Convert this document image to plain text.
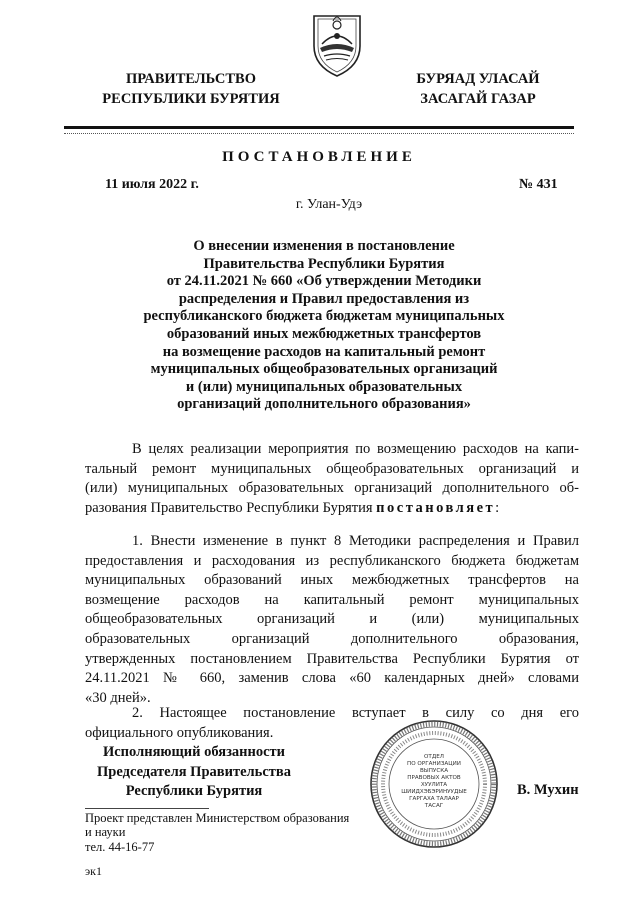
ПРАВИТЕЛЬСТВО
РЕСПУБЛИКИ БУРЯТИЯ
БУРЯАД УЛАСАЙ
ЗАСАГАЙ ГАЗАР
ПОСТАНОВЛЕНИЕ
11 июля 2022 г.	№ 431
г. Улан-Удэ
О внесении изменения в постановление
Правительства Республики Бурятия
от 24.11.2021 № 660 «Об утверждении Методики
распределения и Правил предоставления из
республиканского бюджета бюджетам муниципальных
образований иных межбюджетных трансфертов
на возмещение расходов на капитальный ремонт
муниципальных общеобразовательных организаций
и (или) муниципальных образовательных
организаций дополнительного образования»
В целях реализации мероприятия по возмещению расходов на капи-
тальный ремонт муниципальных общеобразовательных организаций и
(или) муниципальных образовательных организаций дополнительного об-
разования Правительство Республики Бурятия постановляет:
1. Внести изменение в пункт 8 Методики распределения и Правил
предоставления и расходования из республиканского бюджета бюджетам
муниципальных образований иных межбюджетных трансфертов на
возмещение расходов на капитальный ремонт муниципальных
общеобразовательных организаций и (или) муниципальных
образовательных организаций дополнительного образования,
утвержденных постановлением Правительства Республики Бурятия от
24.11.2021 № 660, заменив слова «60 календарных дней» словами
«30 дней».
2. Настоящее постановление вступает в силу со дня его
официального опубликования.
Исполняющий обязанности
Председателя Правительства
Республики Бурятия
ОТДЕЛ
ПО ОРГАНИЗАЦИИ
ВЫПУСКА
ПРАВОВЫХ АКТОВ
ХУУЛИТА
ШИИДХЭБЭРИНУУДЫЕ
ГАРГАХА ТАЛААР
ТАСАГ
В. Мухин
Проект представлен Министерством образования
и науки
тел. 44-16-77
эк1
